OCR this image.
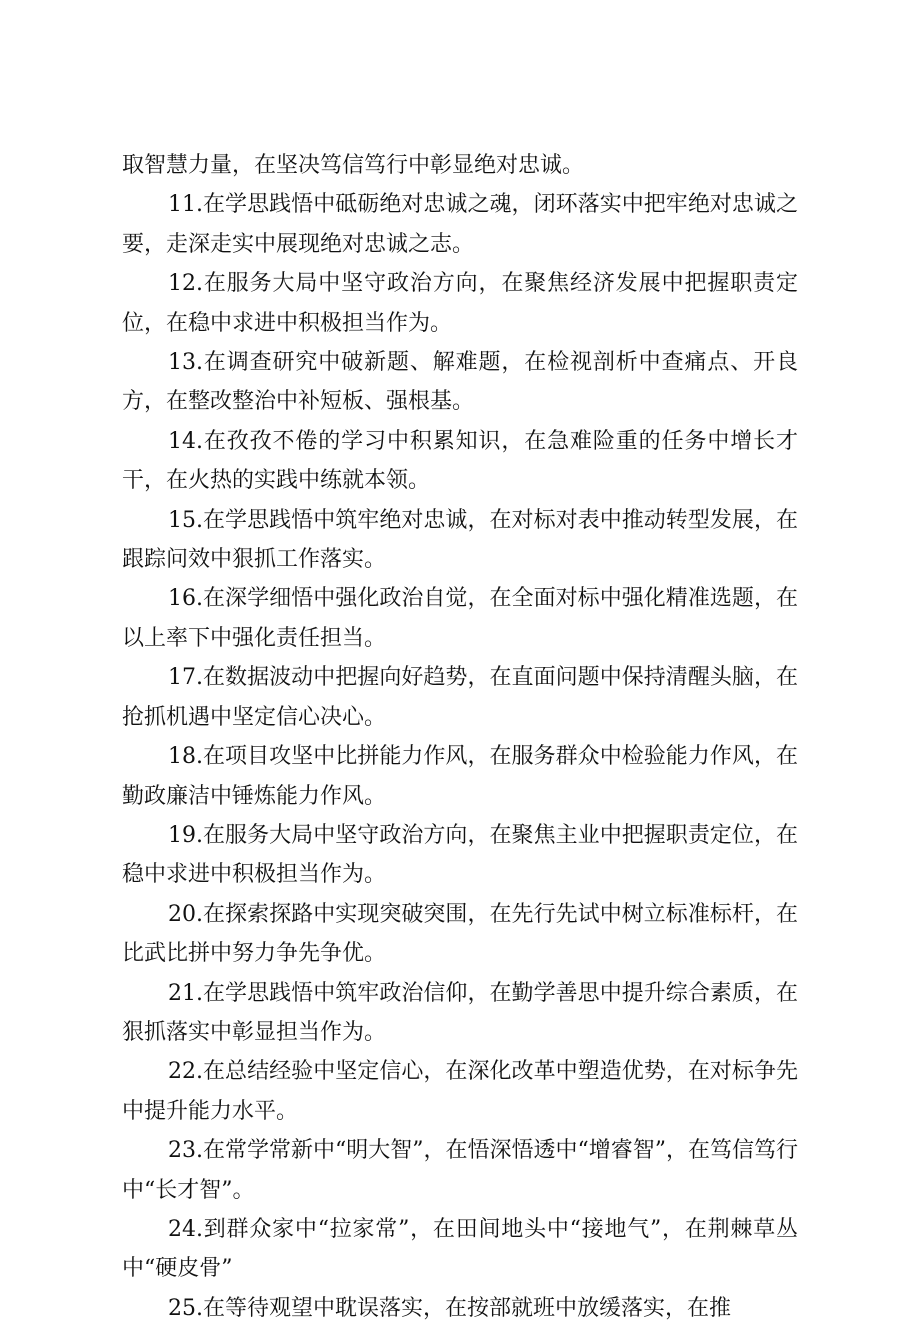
取智慧力量，在坚决笃信笃行中彰显绝对忠诚。

11.在学思践悟中砥砺绝对忠诚之魂，闭环落实中把牢绝对忠诚之要，走深走实中展现绝对忠诚之志。

12.在服务大局中坚守政治方向，在聚焦经济发展中把握职责定位，在稳中求进中积极担当作为。

13.在调查研究中破新题、解难题，在检视剖析中查痛点、开良方，在整改整治中补短板、强根基。

14.在孜孜不倦的学习中积累知识，在急难险重的任务中增长才干，在火热的实践中练就本领。

15.在学思践悟中筑牢绝对忠诚，在对标对表中推动转型发展，在跟踪问效中狠抓工作落实。

16.在深学细悟中强化政治自觉，在全面对标中强化精准选题，在以上率下中强化责任担当。

17.在数据波动中把握向好趋势，在直面问题中保持清醒头脑，在抢抓机遇中坚定信心决心。

18.在项目攻坚中比拼能力作风，在服务群众中检验能力作风，在勤政廉洁中锤炼能力作风。

19.在服务大局中坚守政治方向，在聚焦主业中把握职责定位，在稳中求进中积极担当作为。

20.在探索探路中实现突破突围，在先行先试中树立标准标杆，在比武比拼中努力争先争优。

21.在学思践悟中筑牢政治信仰，在勤学善思中提升综合素质，在狠抓落实中彰显担当作为。

22.在总结经验中坚定信心，在深化改革中塑造优势，在对标争先中提升能力水平。

23.在常学常新中“明大智”，在悟深悟透中“增睿智”，在笃信笃行中“长才智”。

24.到群众家中“拉家常”，在田间地头中“接地气”，在荆棘草丛中“硬皮骨”

25.在等待观望中耽误落实，在按部就班中放缓落实，在推
